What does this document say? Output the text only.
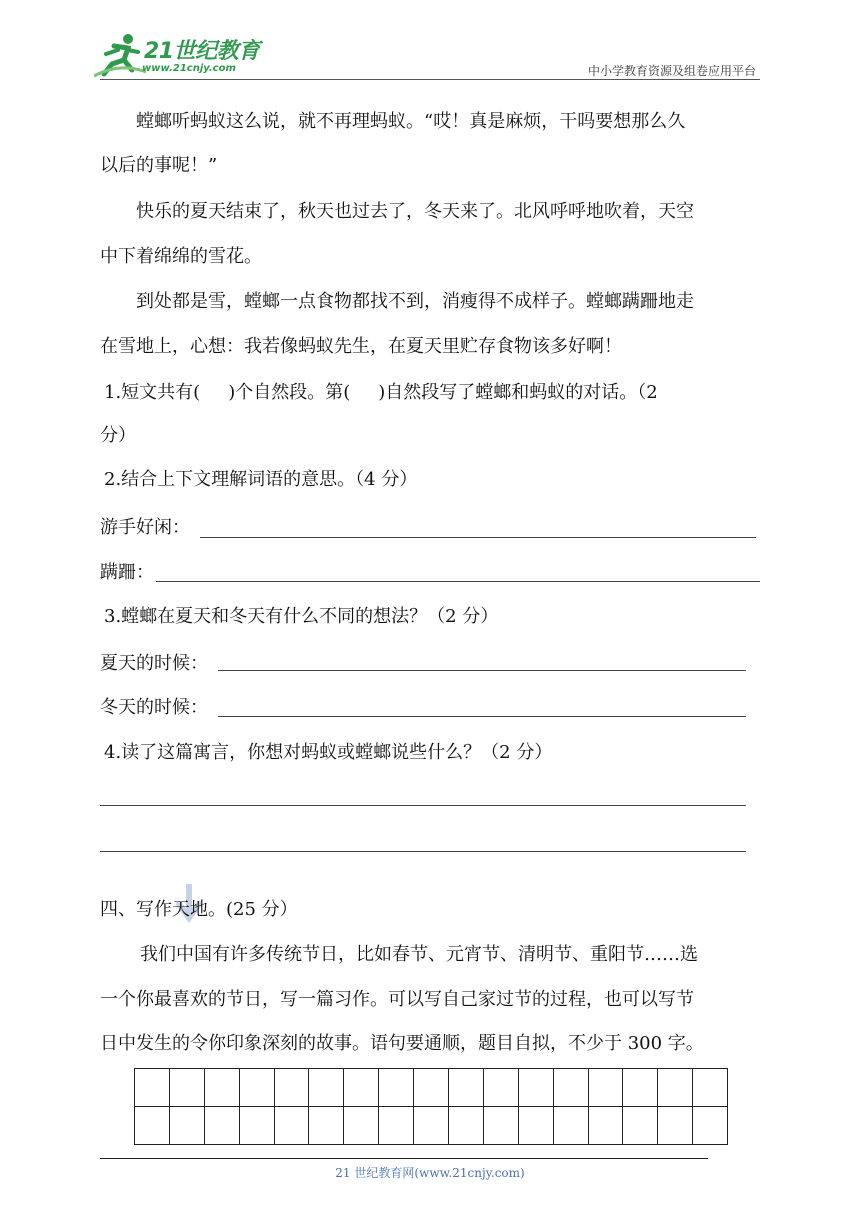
21世纪教育
www.21cnjy.com	中小学教育资源及组卷应用平台
螳螂听蚂蚁这么说，就不再理蚂蚁。“哎！真是麻烦，干吗要想那么久
以后的事呢！”
快乐的夏天结束了，秋天也过去了，冬天来了。北风呼呼地吹着，天空
中下着绵绵的雪花。
到处都是雪，螳螂一点食物都找不到，消瘦得不成样子。螳螂蹒跚地走
在雪地上，心想：我若像蚂蚁先生，在夏天里贮存食物该多好啊！
1.短文共有( )个自然段。第( )自然段写了螳螂和蚂蚁的对话。（2
分）
2.结合上下文理解词语的意思。（4 分）
游手好闲：
蹒跚：
3.螳螂在夏天和冬天有什么不同的想法？（2 分）
夏天的时候：
冬天的时候：
4.读了这篇寓言，你想对蚂蚁或螳螂说些什么？（2 分）
四、写作天地。(25 分）
我们中国有许多传统节日，比如春节、元宵节、清明节、重阳节……选
一个你最喜欢的节日，写一篇习作。可以写自己家过节的过程，也可以写节
日中发生的令你印象深刻的故事。语句要通顺，题目自拟，不少于 300 字。

21 世纪教育网(www.21cnjy.com)
